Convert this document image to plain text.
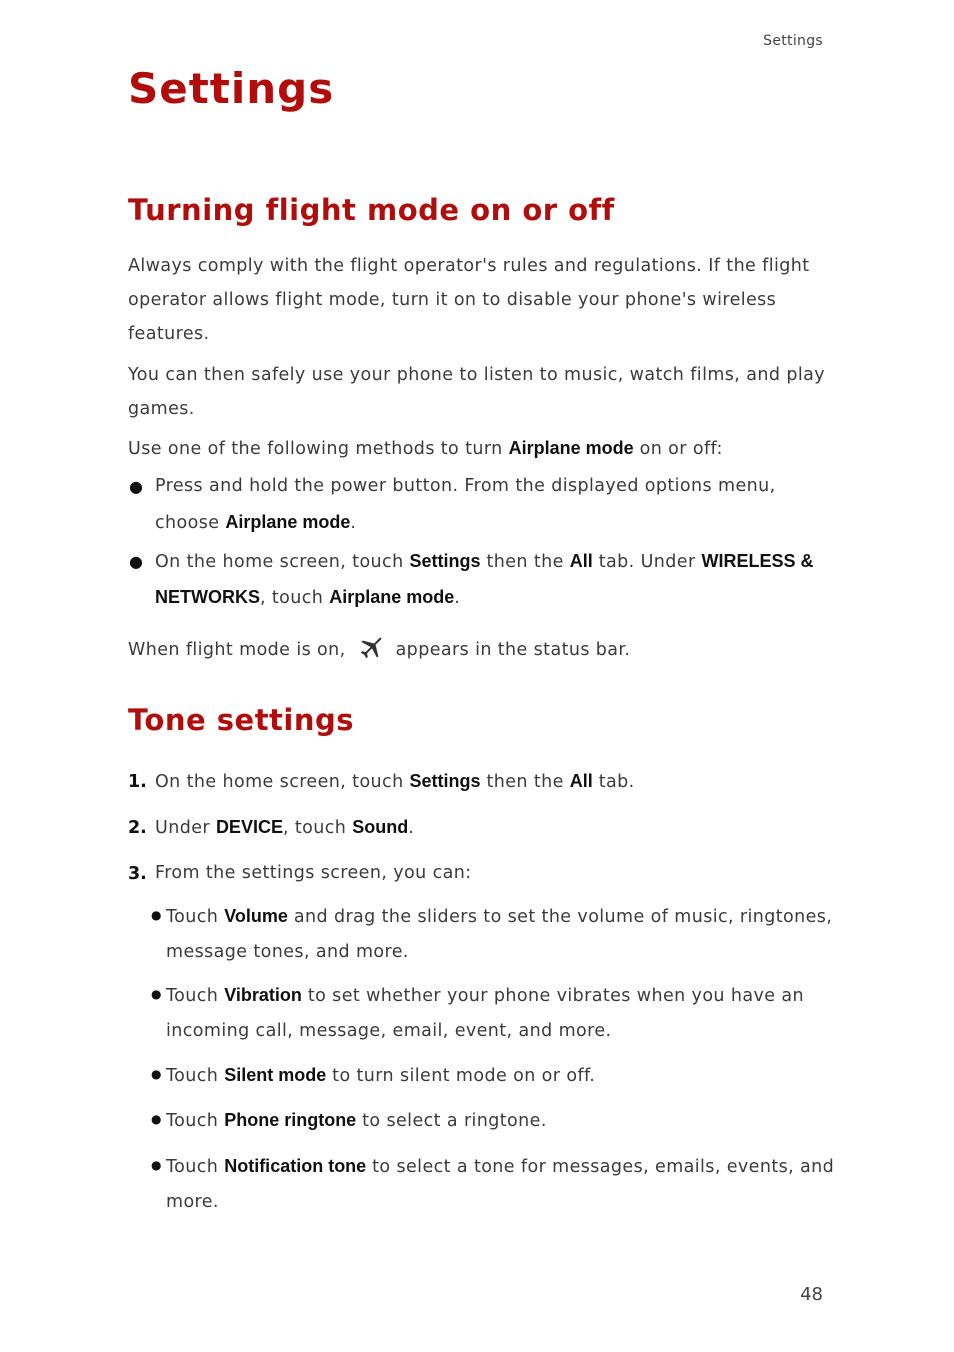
Settings
Settings
Turning flight mode on or off
Always comply with the flight operator's rules and regulations. If the flight
operator allows flight mode, turn it on to disable your phone's wireless
features.
You can then safely use your phone to listen to music, watch films, and play
games.
Use one of the following methods to turn Airplane mode on or off:
● Press and hold the power button. From the displayed options menu,
choose Airplane mode.
● On the home screen, touch Settings then the All tab. Under WIRELESS &
NETWORKS, touch Airplane mode.
When flight mode is on,	appears in the status bar.
Tone settings
1. On the home screen, touch Settings then the All tab.
2. Under DEVICE, touch Sound.
3. From the settings screen, you can:
● Touch Volume and drag the sliders to set the volume of music, ringtones,
message tones, and more.
● Touch Vibration to set whether your phone vibrates when you have an
incoming call, message, email, event, and more.
● Touch Silent mode to turn silent mode on or off.
● Touch Phone ringtone to select a ringtone.
● Touch Notification tone to select a tone for messages, emails, events, and
more.
48
